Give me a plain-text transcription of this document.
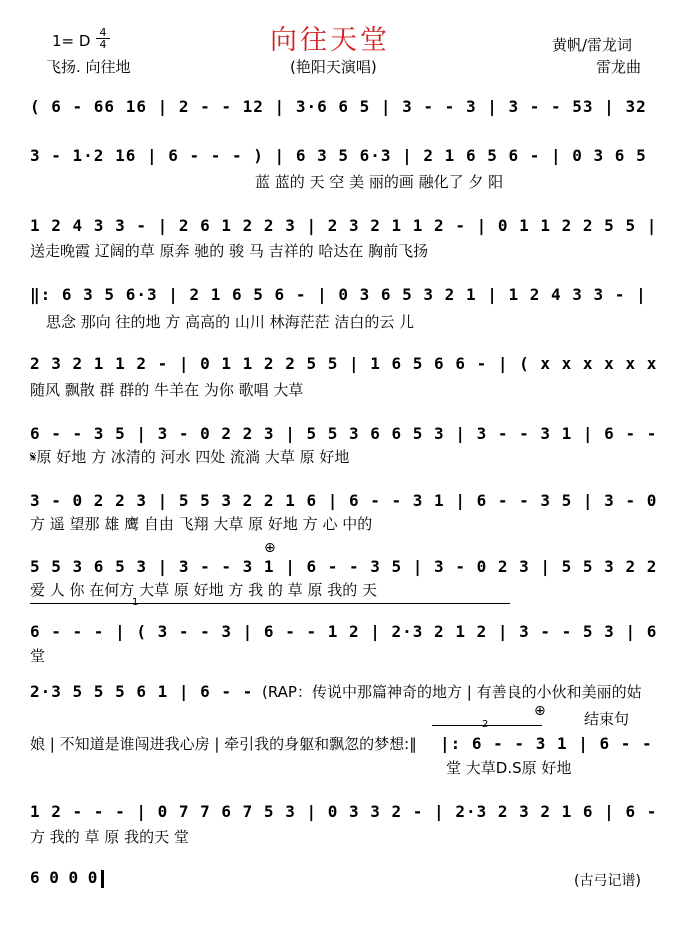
向往天堂
1= D 4
4
飞扬. 向往地	(艳阳天演唱)
黄帆/雷龙词
雷龙曲
( 6 - 66 16 | 2 - - 12 | 3·6 6 5 | 3 - - 3 | 3 - - 53 | 32
3 - 1·2 16 | 6 - - - ) | 6 3 5 6·3 | 2 1 6 5 6 - | 0 3 6 5
蓝 蓝的 天 空 美 丽的画 融化了 夕 阳
1 2 4 3 3 - | 2 6 1 2 2 3 | 2 3 2 1 1 2 - | 0 1 1 2 2 5 5 |
送走晚霞 辽阔的草 原奔 驰的 骏 马 吉祥的 哈达在 胸前飞扬
‖: 6 3 5 6·3 | 2 1 6 5 6 - | 0 3 6 5 3 2 1 | 1 2 4 3 3 - |
思念 那向 往的地 方 高高的 山川 林海茫茫 洁白的云 儿
2 3 2 1 1 2 - | 0 1 1 2 2 5 5 | 1 6 5 6 6 - | ( x x x x x x
随风 飘散 群 群的 牛羊在 为你 歌唱 大草
6 - - 3 5 | 3 - 0 2 2 3 | 5 5 3 6 6 5 3 | 3 - - 3 1 | 6 - -
𝄋原 好地 方 冰清的 河水 四处 流淌 大草 原 好地
3 - 0 2 2 3 | 5 5 3 2 2 1 6 | 6 - - 3 1 | 6 - - 3 5 | 3 - 0
方 遥 望那 雄 鹰 自由 飞翔 大草 原 好地 方 心 中的
⊕
5 5 3 6 5 3 | 3 - - 3 1 | 6 - - 3 5 | 3 - 0 2 3 | 5 5 3 2 2
爱 人 你 在何方 大草 原 好地 方 我 的 草 原 我的 天
1
6 - - - | ( 3 - - 3 | 6 - - 1 2 | 2·3 2 1 2 | 3 - - 5 3 | 6
堂
2·3 5 5 5 6 1 | 6 - - (RAP：传说中那篇神奇的地方 | 有善良的小伙和美丽的姑
⊕	结束句
2
娘 | 不知道是谁闯进我心房 | 牵引我的身躯和飘忽的梦想:‖	|: 6 - - 3 1 | 6 - -
堂 大草D.S原 好地
1 2 - - - | 0 7 7 6 7 5 3 | 0 3 3 2 - | 2·3 2 3 2 1 6 | 6 -
方 我的 草 原 我的天 堂
6 0 0 0	(古弓记谱)
